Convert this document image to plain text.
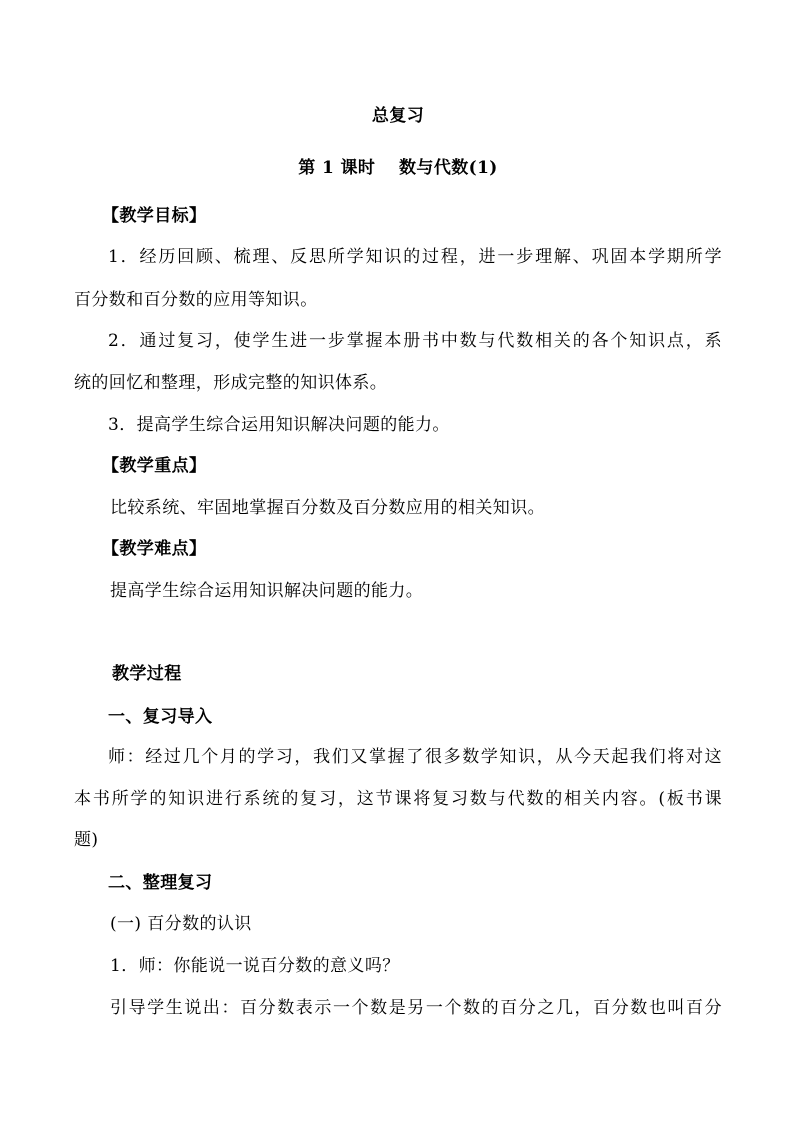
总复习
第 1 课时　 数与代数(1)
【教学目标】
1．经历回顾、梳理、反思所学知识的过程，进一步理解、巩固本学期所学
百分数和百分数的应用等知识。
2．通过复习，使学生进一步掌握本册书中数与代数相关的各个知识点，系
统的回忆和整理，形成完整的知识体系。
3．提高学生综合运用知识解决问题的能力。
【教学重点】
比较系统、牢固地掌握百分数及百分数应用的相关知识。
【教学难点】
提高学生综合运用知识解决问题的能力。
教学过程
一、复习导入
师：经过几个月的学习，我们又掌握了很多数学知识，从今天起我们将对这
本书所学的知识进行系统的复习，这节课将复习数与代数的相关内容。(板书课
题)
二、整理复习
(一) 百分数的认识
1．师：你能说一说百分数的意义吗？
引导学生说出：百分数表示一个数是另一个数的百分之几，百分数也叫百分
